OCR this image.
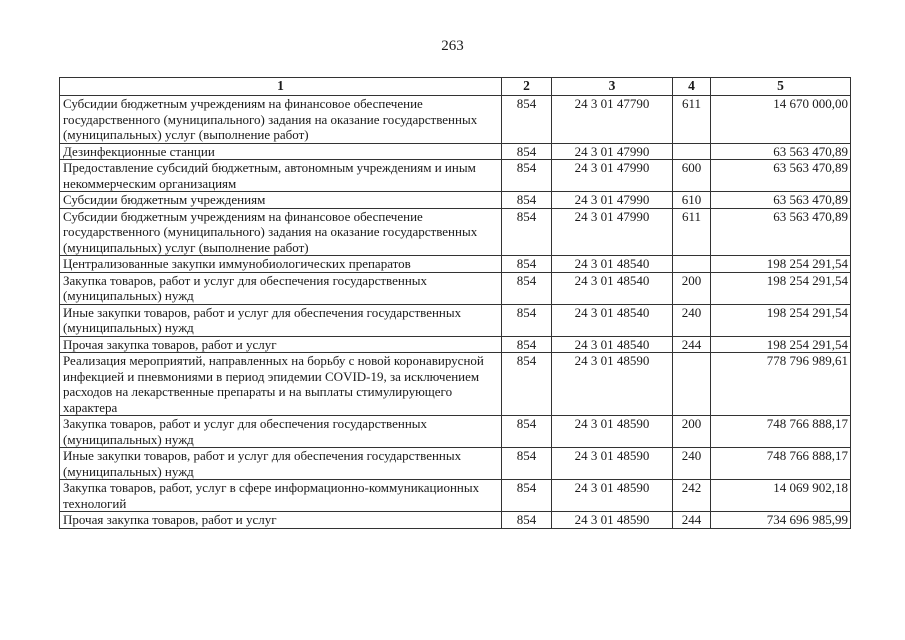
263
1	2	3	4	5
Субсидии бюджетным учреждениям на финансовое обеспечение государственного (муниципального) задания на оказание государственных (муниципальных) услуг (выполнение работ)	854	24 3 01 47790	611	14 670 000,00
Дезинфекционные станции	854	24 3 01 47990		63 563 470,89
Предоставление субсидий бюджетным, автономным учреждениям и иным некоммерческим организациям	854	24 3 01 47990	600	63 563 470,89
Субсидии бюджетным учреждениям	854	24 3 01 47990	610	63 563 470,89
Субсидии бюджетным учреждениям на финансовое обеспечение государственного (муниципального) задания на оказание государственных (муниципальных) услуг (выполнение работ)	854	24 3 01 47990	611	63 563 470,89
Централизованные закупки иммунобиологических препаратов	854	24 3 01 48540		198 254 291,54
Закупка товаров, работ и услуг для обеспечения государственных (муниципальных) нужд	854	24 3 01 48540	200	198 254 291,54
Иные закупки товаров, работ и услуг для обеспечения государственных (муниципальных) нужд	854	24 3 01 48540	240	198 254 291,54
Прочая закупка товаров, работ и услуг	854	24 3 01 48540	244	198 254 291,54
Реализация мероприятий, направленных на борьбу с новой коронавирусной инфекцией и пневмониями в период эпидемии COVID-19, за исключением расходов на лекарственные препараты и на выплаты стимулирующего характера	854	24 3 01 48590		778 796 989,61
Закупка товаров, работ и услуг для обеспечения государственных (муниципальных) нужд	854	24 3 01 48590	200	748 766 888,17
Иные закупки товаров, работ и услуг для обеспечения государственных (муниципальных) нужд	854	24 3 01 48590	240	748 766 888,17
Закупка товаров, работ, услуг в сфере информационно-коммуникационных технологий	854	24 3 01 48590	242	14 069 902,18
Прочая закупка товаров, работ и услуг	854	24 3 01 48590	244	734 696 985,99
